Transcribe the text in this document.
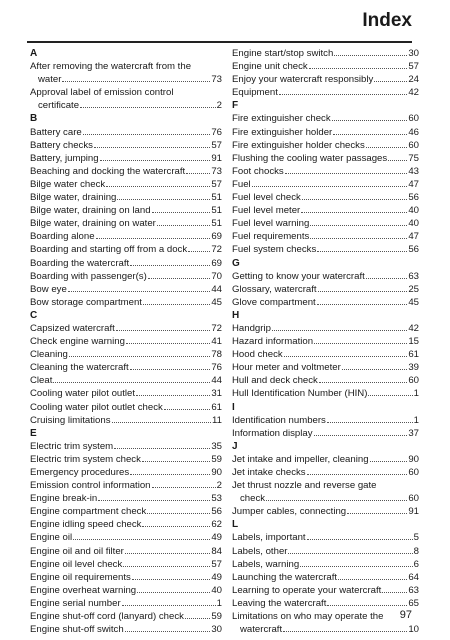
Index
A
After removing the watercraft from the
water	73
Approval label of emission control
certificate	2
B
Battery care	76
Battery checks	57
Battery, jumping	91
Beaching and docking the watercraft	73
Bilge water check	57
Bilge water, draining	51
Bilge water, draining on land	51
Bilge water, draining on water	51
Boarding alone	69
Boarding and starting off from a dock	72
Boarding the watercraft	69
Boarding with passenger(s)	70
Bow eye	44
Bow storage compartment	45
C
Capsized watercraft	72
Check engine warning	41
Cleaning	78
Cleaning the watercraft	76
Cleat	44
Cooling water pilot outlet	31
Cooling water pilot outlet check	61
Cruising limitations	11
E
Electric trim system	35
Electric trim system check	59
Emergency procedures	90
Emission control information	2
Engine break-in	53
Engine compartment check	56
Engine idling speed check	62
Engine oil	49
Engine oil and oil filter	84
Engine oil level check	57
Engine oil requirements	49
Engine overheat warning	40
Engine serial number	1
Engine shut-off cord (lanyard) check	59
Engine shut-off switch	30
Engine start/stop switch	30
Engine unit check	57
Enjoy your watercraft responsibly	24
Equipment	42
F
Fire extinguisher check	60
Fire extinguisher holder	46
Fire extinguisher holder checks	60
Flushing the cooling water passages 75
Foot chocks	43
Fuel	47
Fuel level check	56
Fuel level meter	40
Fuel level warning	40
Fuel requirements	47
Fuel system checks	56
G
Getting to know your watercraft	63
Glossary, watercraft	25
Glove compartment	45
H
Handgrip	42
Hazard information	15
Hood check	61
Hour meter and voltmeter	39
Hull and deck check	60
Hull Identification Number (HIN)	1
I
Identification numbers	1
Information display	37
J
Jet intake and impeller, cleaning	90
Jet intake checks	60
Jet thrust nozzle and reverse gate
check	60
Jumper cables, connecting	91
L
Labels, important	5
Labels, other	8
Labels, warning	6
Launching the watercraft	64
Learning to operate your watercraft	63
Leaving the watercraft	65
Limitations on who may operate the
watercraft	10
97
